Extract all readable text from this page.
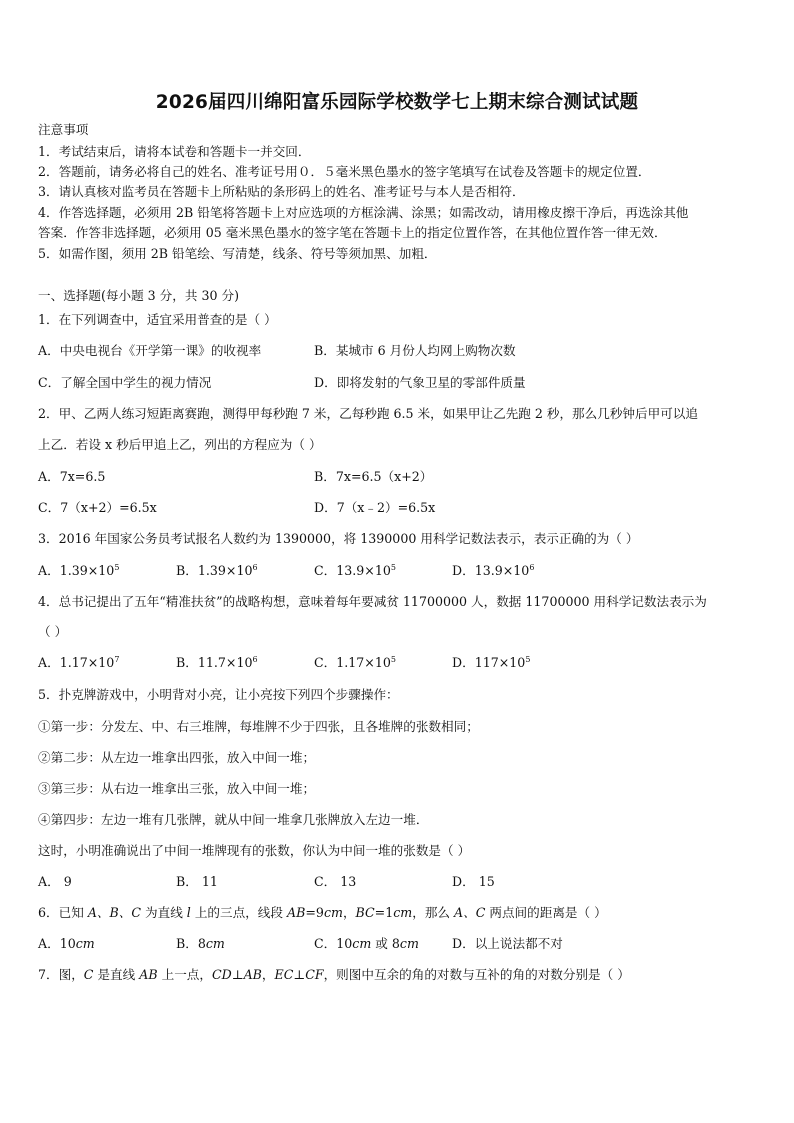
2026届四川绵阳富乐园际学校数学七上期末综合测试试题
注意事项
1．考试结束后，请将本试卷和答题卡一并交回．
2．答题前，请务必将自己的姓名、准考证号用０．５毫米黑色墨水的签字笔填写在试卷及答题卡的规定位置．
3．请认真核对监考员在答题卡上所粘贴的条形码上的姓名、准考证号与本人是否相符．
4．作答选择题，必须用 2B 铅笔将答题卡上对应选项的方框涂满、涂黑；如需改动，请用橡皮擦干净后，再选涂其他
答案．作答非选择题，必须用 05 毫米黑色墨水的签字笔在答题卡上的指定位置作答，在其他位置作答一律无效．
5．如需作图，须用 2B 铅笔绘、写清楚，线条、符号等须加黑、加粗．
一、选择题(每小题 3 分，共 30 分)
1．在下列调查中，适宜采用普查的是（ ）
A．中央电视台《开学第一课》的收视率	B．某城市 6 月份人均网上购物次数
C．了解全国中学生的视力情况	D．即将发射的气象卫星的零部件质量
2．甲、乙两人练习短距离赛跑，测得甲每秒跑 7 米，乙每秒跑 6.5 米，如果甲让乙先跑 2 秒，那么几秒钟后甲可以追
上乙．若设 x 秒后甲追上乙，列出的方程应为（ ）
A．7x=6.5	B．7x=6.5（x+2）
C．7（x+2）=6.5x	D．7（x﹣2）=6.5x
3．2016 年国家公务员考试报名人数约为 1390000，将 1390000 用科学记数法表示，表示正确的为（ ）
A．$1.39\times 10^5$	B．$1.39\times 10^6$	C．$13.9\times 10^5$	D．$13.9\times 10^6$
4．总书记提出了五年“精准扶贫”的战略构想，意味着每年要减贫 11700000 人，数据 11700000 用科学记数法表示为
（ ）
A．$1.17\times 10^7$	B．$11.7\times 10^6$	C．$1.17\times 10^5$	D．$117\times 10^5$
5．扑克牌游戏中，小明背对小亮，让小亮按下列四个步骤操作：
①第一步：分发左、中、右三堆牌，每堆牌不少于四张，且各堆牌的张数相同；
②第二步：从左边一堆拿出四张，放入中间一堆；
③第三步：从右边一堆拿出三张，放入中间一堆；
④第四步：左边一堆有几张牌，就从中间一堆拿几张牌放入左边一堆．
这时，小明准确说出了中间一堆牌现有的张数，你认为中间一堆的张数是（ ）
A． 9	B． 11	C． 13	D． 15
6．已知 A、B、C 为直线 l 上的三点，线段 AB=9cm，BC=1cm，那么 A、C 两点间的距离是（ ）
A．10cm	B．8cm	C．10cm 或 8cm	D．以上说法都不对
7．图，C 是直线 AB 上一点，CD⊥AB，EC⊥CF，则图中互余的角的对数与互补的角的对数分别是（ ）
